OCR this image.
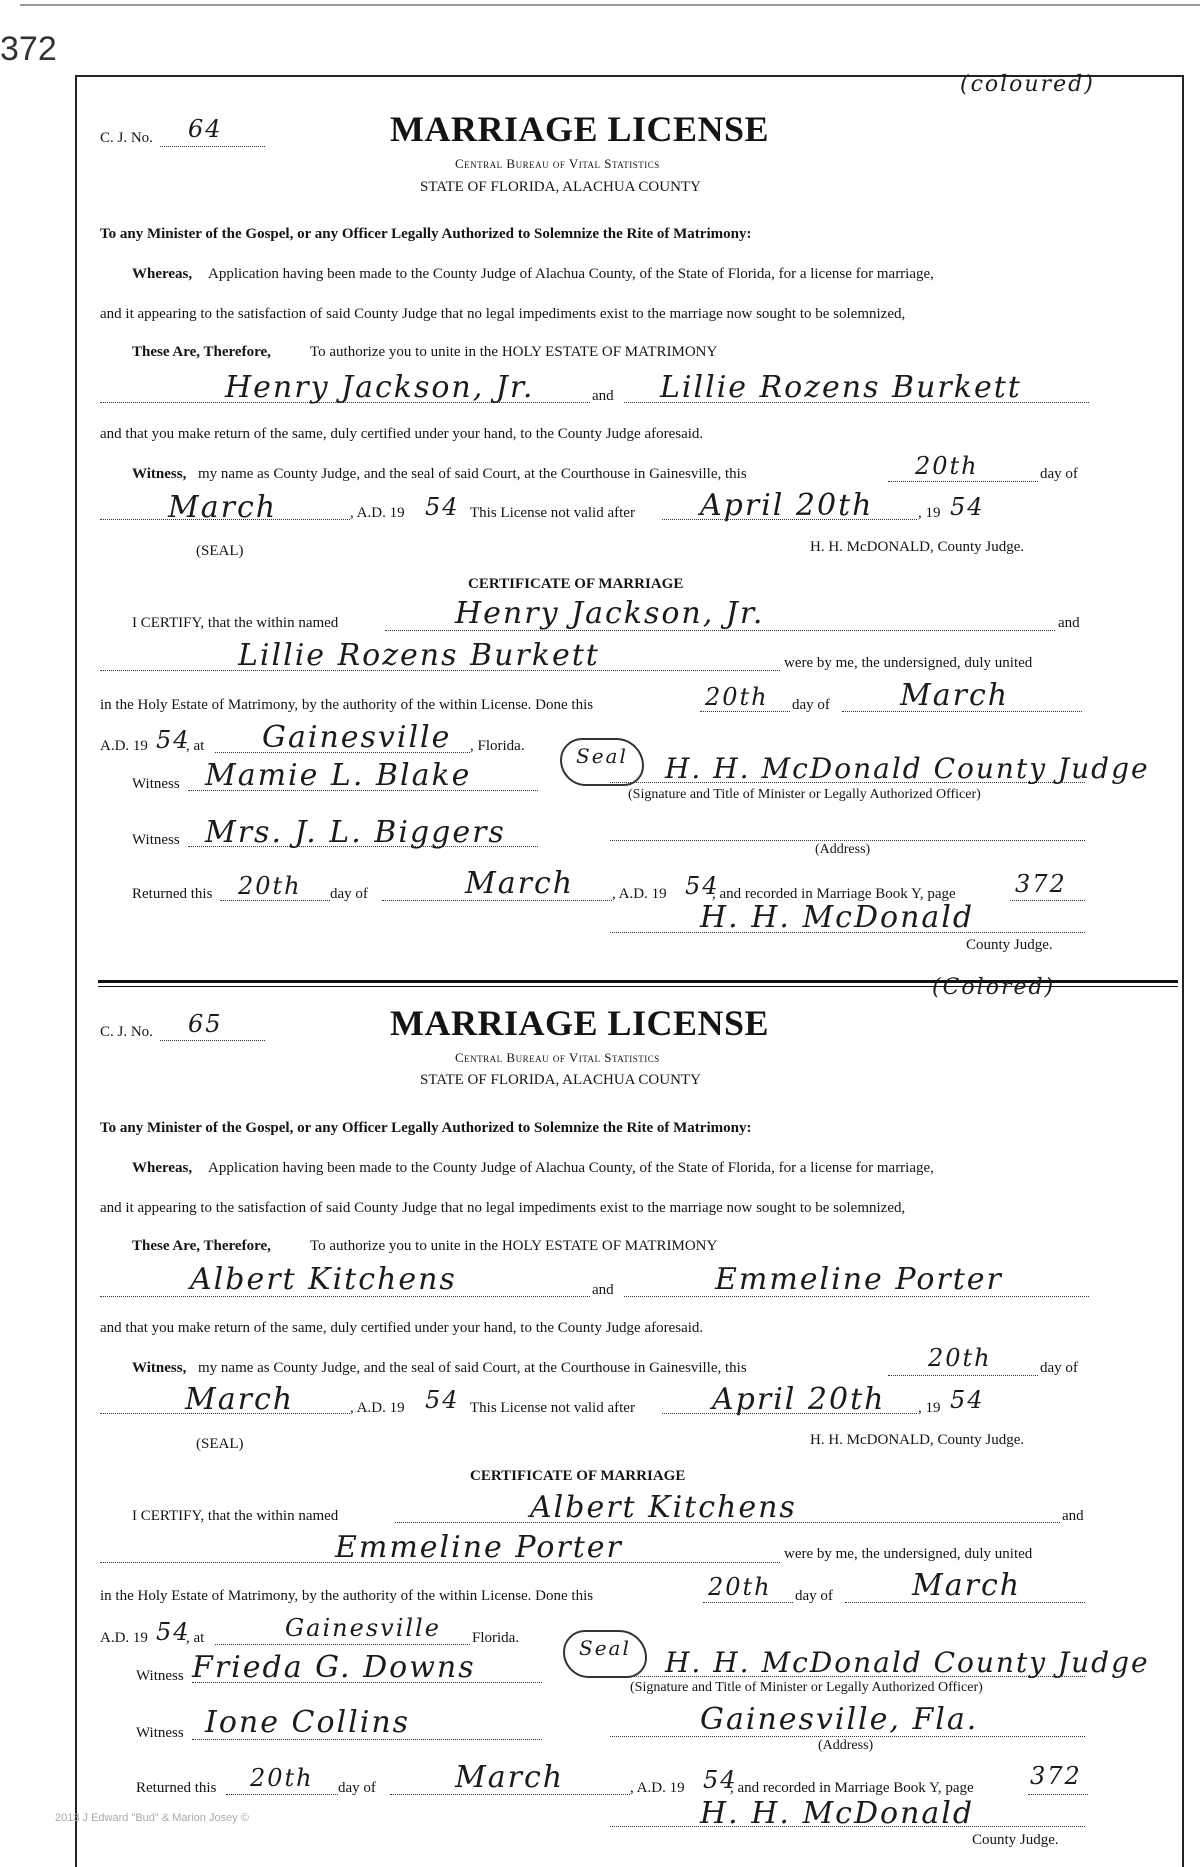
372
C. J. No. 64
(coloured)
MARRIAGE LICENSE
Central Bureau of Vital Statistics
STATE OF FLORIDA, ALACHUA COUNTY
To any Minister of the Gospel, or any Officer Legally Authorized to Solemnize the Rite of Matrimony:
Whereas, Application having been made to the County Judge of Alachua County, of the State of Florida, for a license for marriage,
and it appearing to the satisfaction of said County Judge that no legal impediments exist to the marriage now sought to be solemnized,
These Are, Therefore,	To authorize you to unite in the HOLY ESTATE OF MATRIMONY
Henry Jackson, Jr.	and Lillie Rozens Burkett
and that you make return of the same, duly certified under your hand, to the County Judge aforesaid.
Witness, my name as County Judge, and the seal of said Court, at the Courthouse in Gainesville, this	20th	day of
March	, A.D. 19 54 This License not valid after April 20th	, 19 54
(SEAL)	H. H. McDONALD, County Judge.
CERTIFICATE OF MARRIAGE
I CERTIFY, that the within named	Henry Jackson, Jr.	and
Lillie Rozens Burkett	were by me, the undersigned, duly united
in the Holy Estate of Matrimony, by the authority of the within License. Done this	20th day of March
A.D. 19 54
, at Gainesville , Florida.
Witness Mamie L. Blake
Seal H. H. McDonald County Judge
(Signature and Title of Minister or Legally Authorized Officer)
Witness Mrs. J. L. Biggers	(Address)
Returned this 20th day of	March	, A.D. 19 54
, and recorded in Marriage Book Y, page 372
H. H. McDonald
County Judge.
C. J. No. 65
(Colored)
MARRIAGE LICENSE
Central Bureau of Vital Statistics
STATE OF FLORIDA, ALACHUA COUNTY
To any Minister of the Gospel, or any Officer Legally Authorized to Solemnize the Rite of Matrimony:
Whereas, Application having been made to the County Judge of Alachua County, of the State of Florida, for a license for marriage,
and it appearing to the satisfaction of said County Judge that no legal impediments exist to the marriage now sought to be solemnized,
These Are, Therefore,	To authorize you to unite in the HOLY ESTATE OF MATRIMONY
Albert Kitchens	and	Emmeline Porter
and that you make return of the same, duly certified under your hand, to the County Judge aforesaid.
Witness, my name as County Judge, and the seal of said Court, at the Courthouse in Gainesville, this	20th	day of
March	, A.D. 19 54 This License not valid after	April 20th , 19 54
(SEAL)	H. H. McDONALD, County Judge.
CERTIFICATE OF MARRIAGE
I CERTIFY, that the within named	Albert Kitchens	and
Emmeline Porter	were by me, the undersigned, duly united
in the Holy Estate of Matrimony, by the authority of the within License. Done this	20th day of	March
A.D. 19 54
, at	Gainesville Florida.
Witness Frieda G. Downs
Seal H. H. McDonald County Judge
(Signature and Title of Minister or Legally Authorized Officer)
Witness Ione Collins	Gainesville, Fla.
(Address)
Returned this 20th day of	March	, A.D. 19 54
, and recorded in Marriage Book Y, page 372
H. H. McDonald
County Judge.
2013 J Edward "Bud" & Marion Josey ©
